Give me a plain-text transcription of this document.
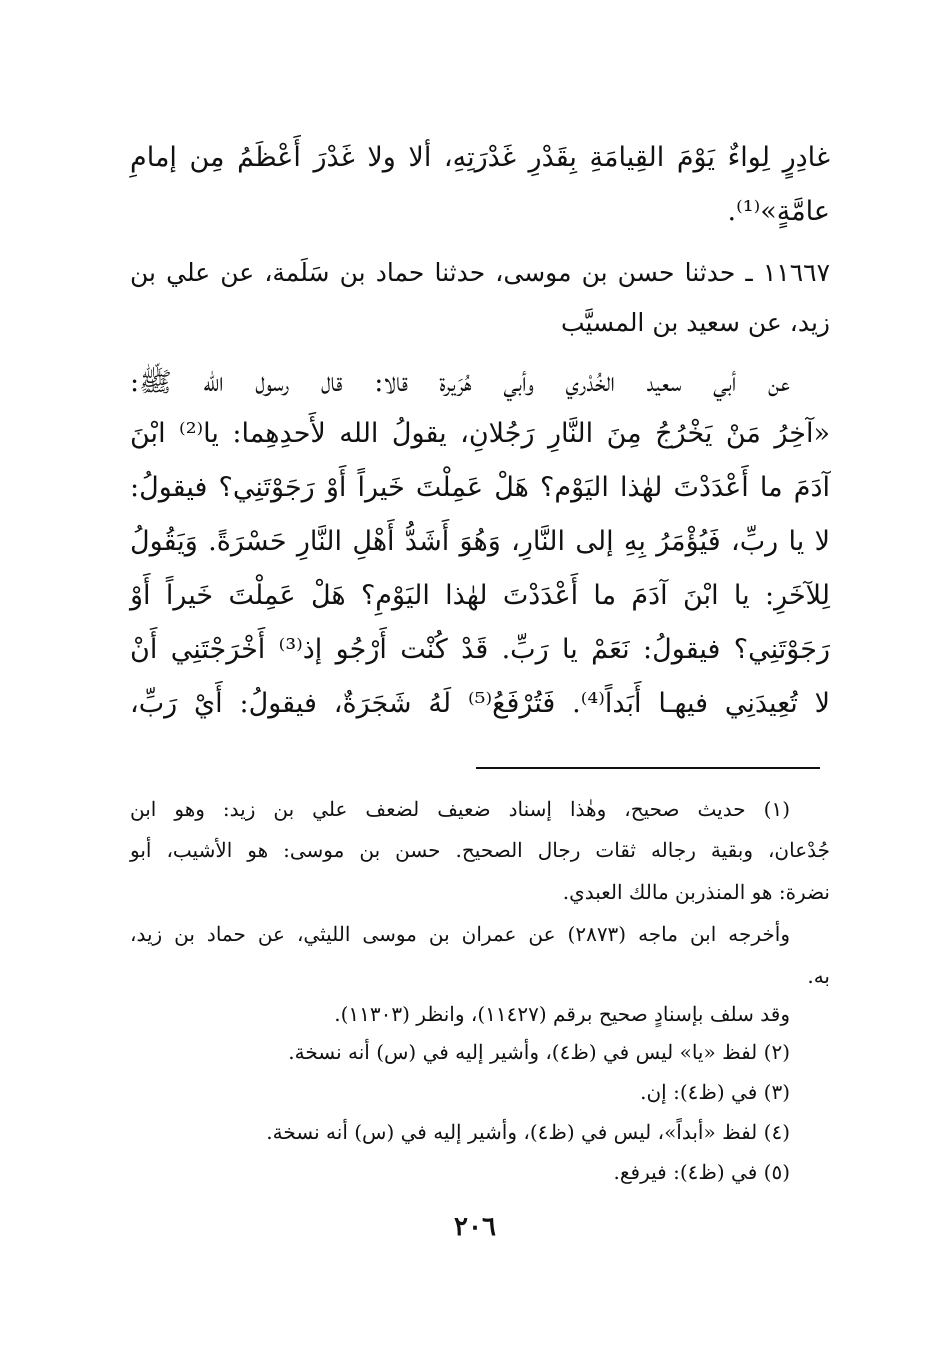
غادِرٍ لِواءٌ يَوْمَ القِيامَةِ بِقَدْرِ غَدْرَتِهِ، ألا ولا غَدْرَ أَعْظَمُ مِن إمامِ
عامَّةٍ»⁽¹⁾.
١١٦٦٧ ـ حدثنا حسن بن موسى، حدثنا حماد بن سَلَمة، عن علي بن
زيد، عن سعيد بن المسيَّب
عن أبي سعيد الخُدْري وأبي هُرَيرة قالا: قال رسول الله ﷺ:
«آخِرُ مَنْ يَخْرُجُ مِنَ النَّارِ رَجُلانِ، يقولُ الله لأَحدِهِما: يا⁽²⁾ ابْنَ
آدَمَ ما أَعْدَدْتَ لهٰذا اليَوْم؟ هَلْ عَمِلْتَ خَيراً أَوْ رَجَوْتَنِي؟ فيقولُ:
لا يا ربِّ، فَيُؤْمَرُ بِهِ إلى النَّارِ، وَهُوَ أَشَدُّ أَهْلِ النَّارِ حَسْرَةً. وَيَقُولُ
لِلآخَرِ: يا ابْنَ آدَمَ ما أَعْدَدْتَ لهٰذا اليَوْمِ؟ هَلْ عَمِلْتَ خَيراً أَوْ
رَجَوْتَنِي؟ فيقولُ: نَعَمْ يا رَبِّ. قَدْ كُنْت أَرْجُو إذ⁽³⁾ أَخْرَجْتَنِي أَنْ
لا تُعِيدَنِي فيهـا أَبَداً⁽⁴⁾. فَتُرْفَعُ⁽⁵⁾ لَهُ شَجَرَةٌ، فيقولُ: أَيْ رَبِّ،
(١) حديث صحيح، وهٰذا إسناد ضعيف لضعف علي بن زيد: وهو ابن
جُدْعان، وبقية رجاله ثقات رجال الصحيح. حسن بن موسى: هو الأشيب، أبو
نضرة: هو المنذربن مالك العبدي.
وأخرجه ابن ماجه (٢٨٧٣) عن عمران بن موسى الليثي، عن حماد بن زيد،
به.
وقد سلف بإسنادٍ صحيح برقم (١١٤٢٧)، وانظر (١١٣٠٣).
(٢) لفظ «يا» ليس في (ظ٤)، وأشير إليه في (س) أنه نسخة.
(٣) في (ظ٤): إن.
(٤) لفظ «أبداً»، ليس في (ظ٤)، وأشير إليه في (س) أنه نسخة.
(٥) في (ظ٤): فيرفع.
٢٠٦
